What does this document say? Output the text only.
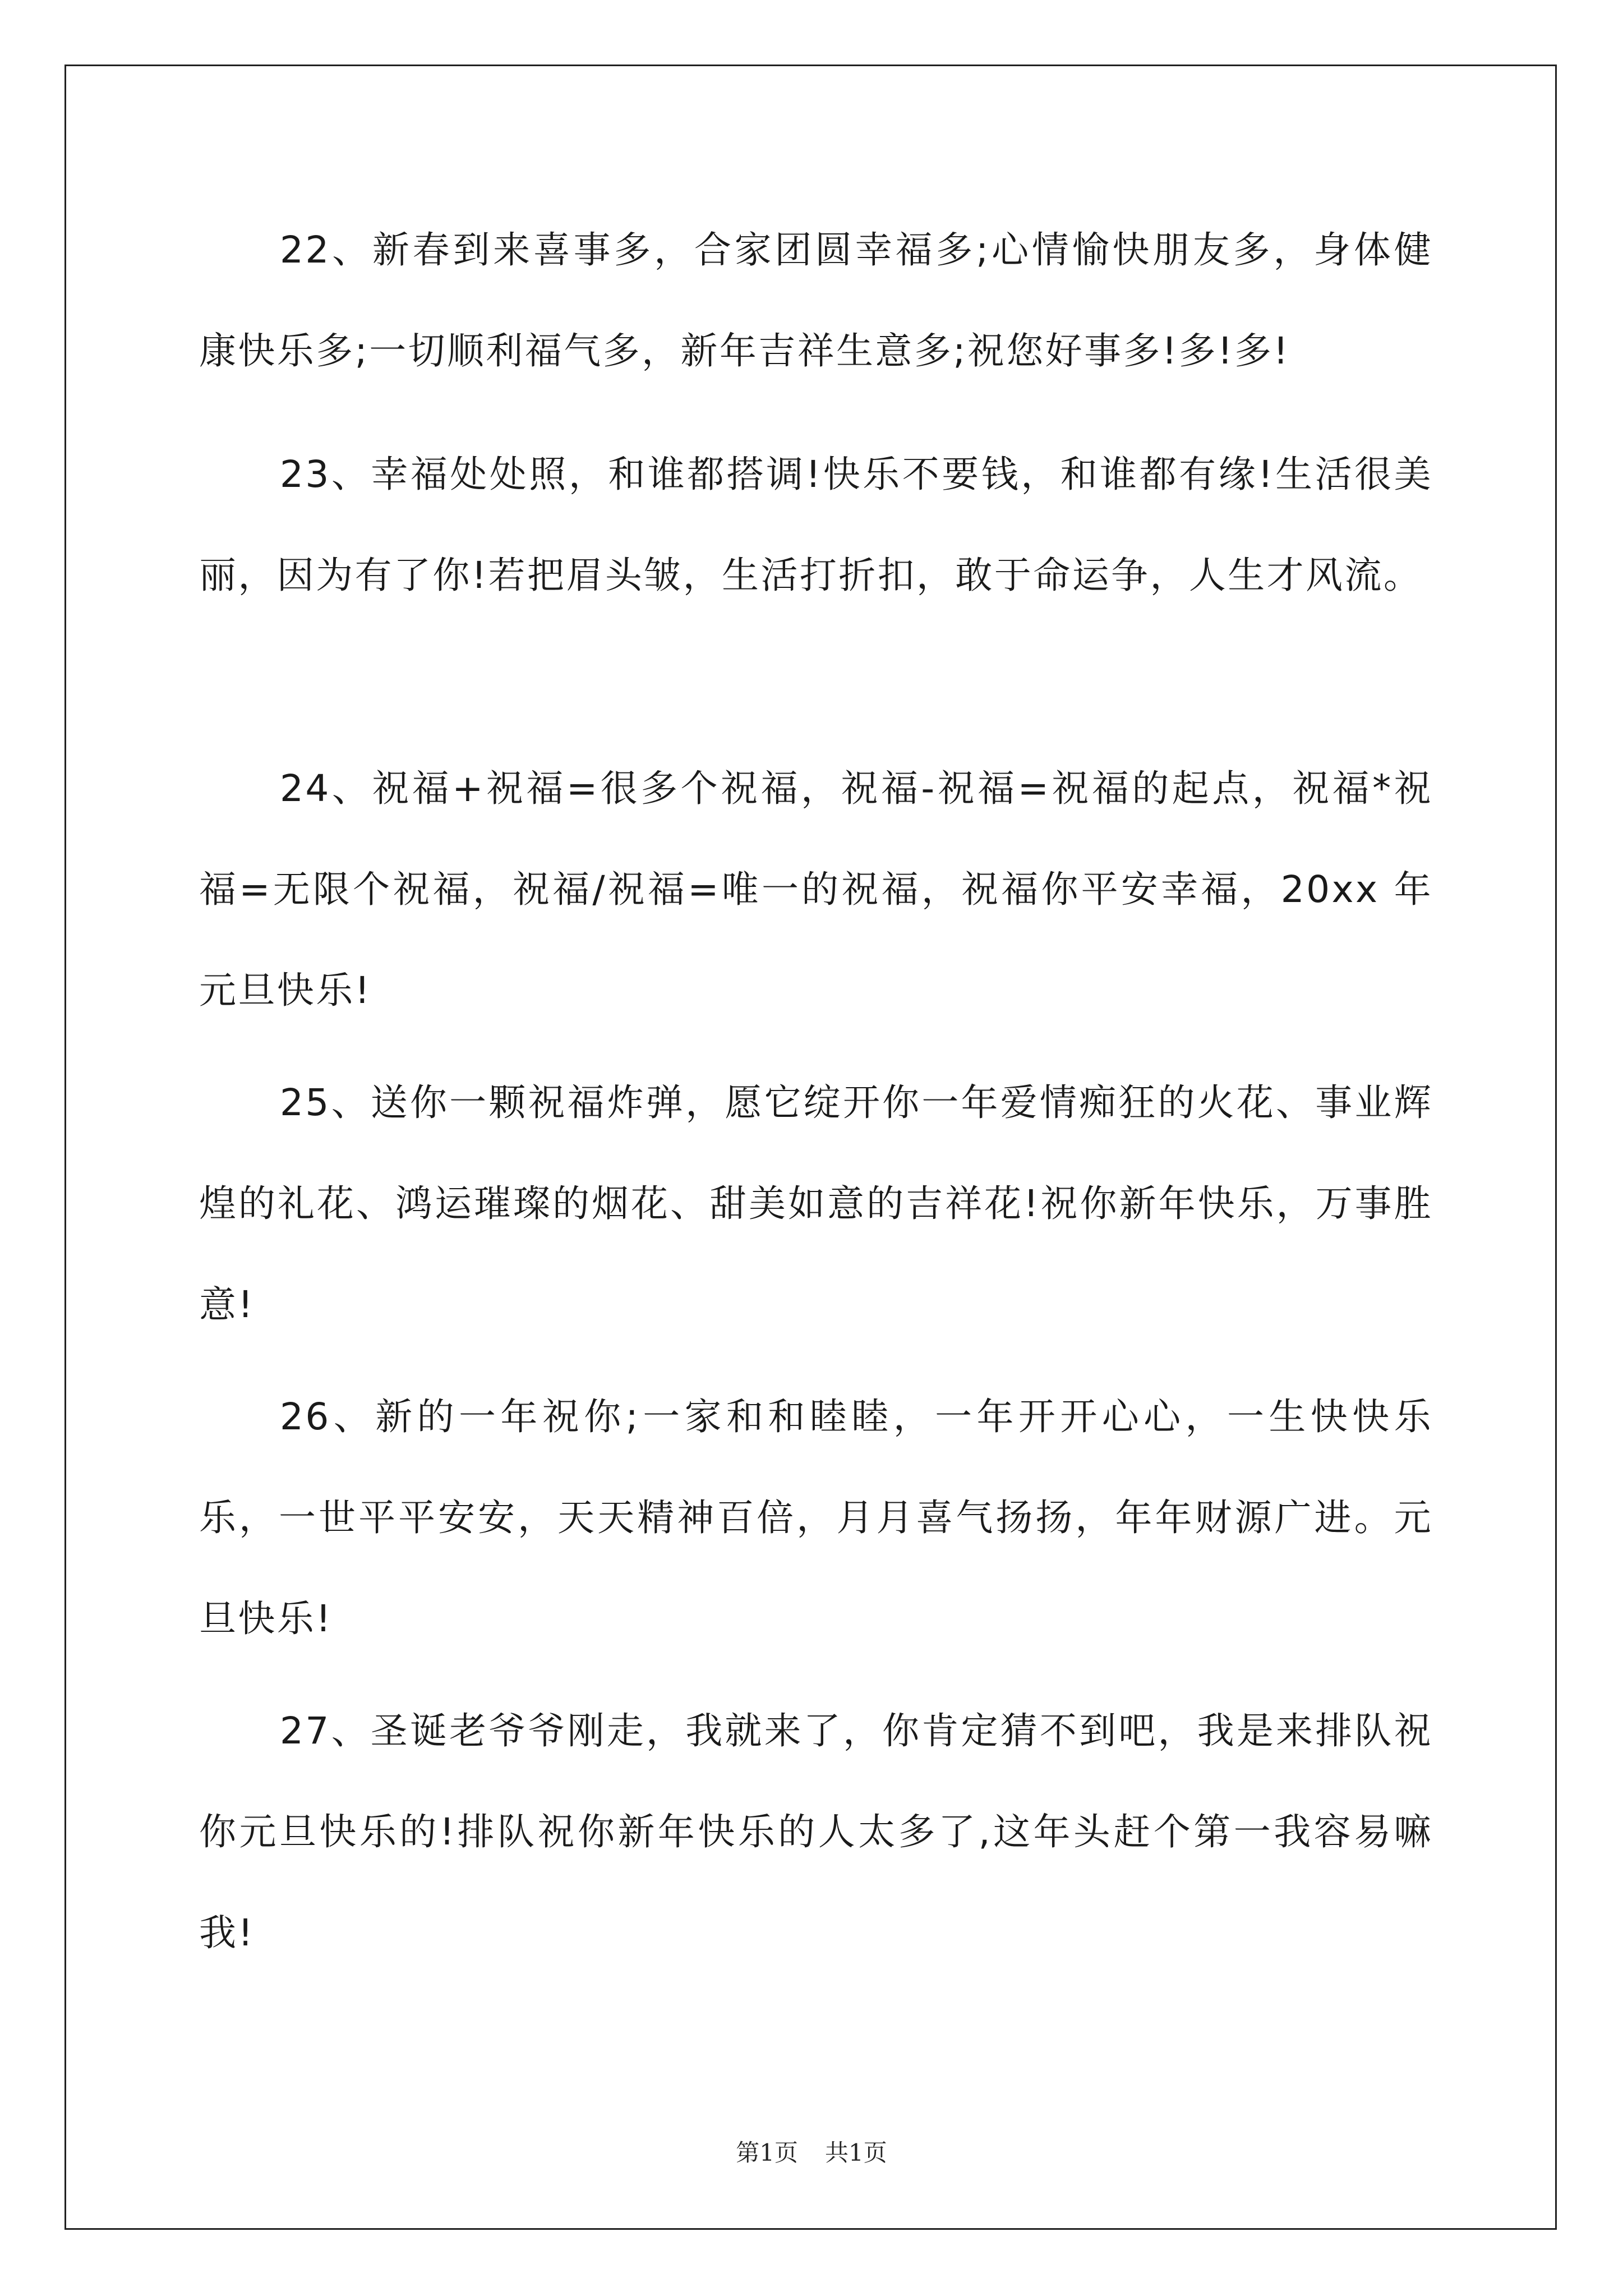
22、新春到来喜事多，合家团圆幸福多;心情愉快朋友多，身体健康快乐多;一切顺利福气多，新年吉祥生意多;祝您好事多!多!多!

23、幸福处处照，和谁都搭调!快乐不要钱，和谁都有缘!生活很美丽，因为有了你!若把眉头皱，生活打折扣，敢于命运争，人生才风流。

24、祝福+祝福=很多个祝福，祝福-祝福=祝福的起点，祝福*祝福=无限个祝福，祝福/祝福=唯一的祝福，祝福你平安幸福，20xx 年元旦快乐!

25、送你一颗祝福炸弹，愿它绽开你一年爱情痴狂的火花、事业辉煌的礼花、鸿运璀璨的烟花、甜美如意的吉祥花!祝你新年快乐，万事胜意!

26、新的一年祝你;一家和和睦睦，一年开开心心，一生快快乐乐，一世平平安安，天天精神百倍，月月喜气扬扬，年年财源广进。元旦快乐!

27、圣诞老爷爷刚走，我就来了，你肯定猜不到吧，我是来排队祝你元旦快乐的!排队祝你新年快乐的人太多了,这年头赶个第一我容易嘛我!

第1页 共1页
